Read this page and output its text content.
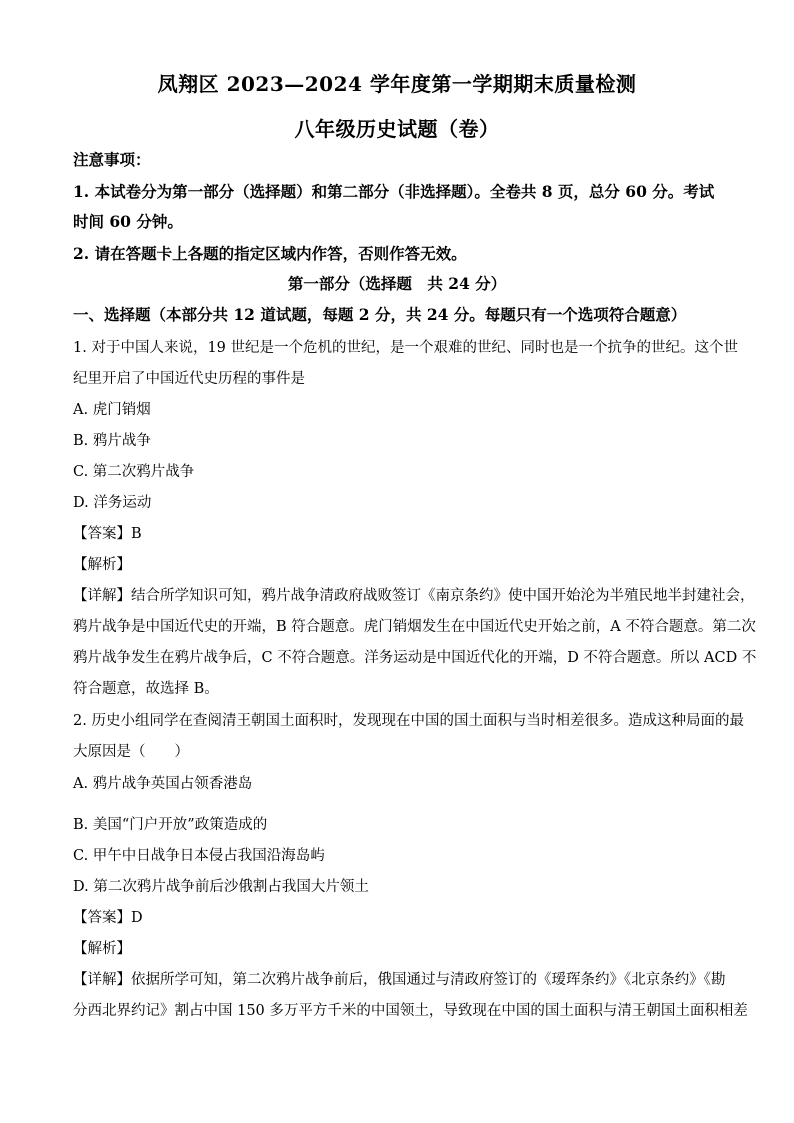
凤翔区 2023—2024 学年度第一学期期末质量检测
八年级历史试题（卷）
注意事项：
1. 本试卷分为第一部分（选择题）和第二部分（非选择题）。全卷共 8 页，总分 60 分。考试
时间 60 分钟。
2. 请在答题卡上各题的指定区域内作答，否则作答无效。
第一部分（选择题　共 24 分）
一、选择题（本部分共 12 道试题，每题 2 分，共 24 分。每题只有一个选项符合题意）
1. 对于中国人来说，19 世纪是一个危机的世纪，是一个艰难的世纪、同时也是一个抗争的世纪。这个世
纪里开启了中国近代史历程的事件是
A. 虎门销烟
B. 鸦片战争
C. 第二次鸦片战争
D. 洋务运动
【答案】B
【解析】
【详解】结合所学知识可知，鸦片战争清政府战败签订《南京条约》使中国开始沦为半殖民地半封建社会，
鸦片战争是中国近代史的开端，B 符合题意。虎门销烟发生在中国近代史开始之前，A 不符合题意。第二次
鸦片战争发生在鸦片战争后，C 不符合题意。洋务运动是中国近代化的开端，D 不符合题意。所以 ACD 不
符合题意，故选择 B。
2. 历史小组同学在查阅清王朝国土面积时，发现现在中国的国土面积与当时相差很多。造成这种局面的最
大原因是（　　）
A. 鸦片战争英国占领香港岛
B. 美国“门户开放”政策造成的
C. 甲午中日战争日本侵占我国沿海岛屿
D. 第二次鸦片战争前后沙俄割占我国大片领土
【答案】D
【解析】
【详解】依据所学可知，第二次鸦片战争前后，俄国通过与清政府签订的《瑷珲条约》《北京条约》《勘
分西北界约记》割占中国 150 多万平方千米的中国领土，导致现在中国的国土面积与清王朝国土面积相差
